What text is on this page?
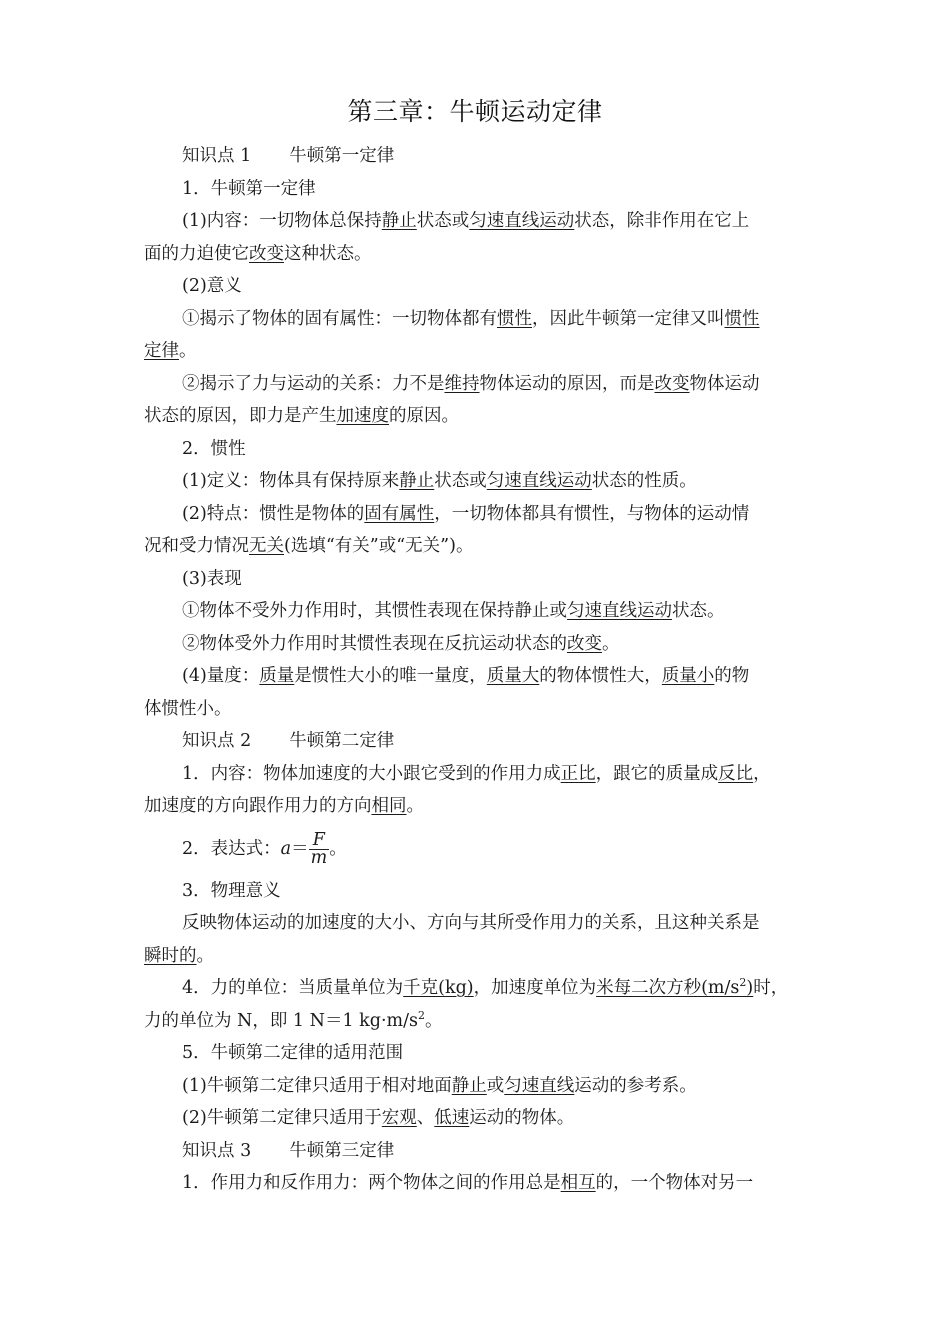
第三章：牛顿运动定律
知识点 1 牛顿第一定律
1．牛顿第一定律
(1)内容：一切物体总保持静止状态或匀速直线运动状态，除非作用在它上
面的力迫使它改变这种状态。
(2)意义
①揭示了物体的固有属性：一切物体都有惯性，因此牛顿第一定律又叫惯性
定律。
②揭示了力与运动的关系：力不是维持物体运动的原因，而是改变物体运动
状态的原因，即力是产生加速度的原因。
2．惯性
(1)定义：物体具有保持原来静止状态或匀速直线运动状态的性质。
(2)特点：惯性是物体的固有属性，一切物体都具有惯性，与物体的运动情
况和受力情况无关(选填“有关”或“无关”)。
(3)表现
①物体不受外力作用时，其惯性表现在保持静止或匀速直线运动状态。
②物体受外力作用时其惯性表现在反抗运动状态的改变。
(4)量度：质量是惯性大小的唯一量度，质量大的物体惯性大，质量小的物
体惯性小。
知识点 2 牛顿第二定律
1．内容：物体加速度的大小跟它受到的作用力成正比，跟它的质量成反比，
加速度的方向跟作用力的方向相同。
2．表达式：$a= \frac{F}{m}$ 。
3．物理意义
反映物体运动的加速度的大小、方向与其所受作用力的关系，且这种关系是
瞬时的。
4．力的单位：当质量单位为千克(kg)，加速度单位为米每二次方秒$(m/s^2)$时，
力的单位为 N，即 1 N＝1 $kg\cdot m/s^2$。
5．牛顿第二定律的适用范围
(1)牛顿第二定律只适用于相对地面静止或匀速直线运动的参考系。
(2)牛顿第二定律只适用于宏观、低速运动的物体。
知识点 3 牛顿第三定律
1．作用力和反作用力：两个物体之间的作用总是相互的，一个物体对另一
